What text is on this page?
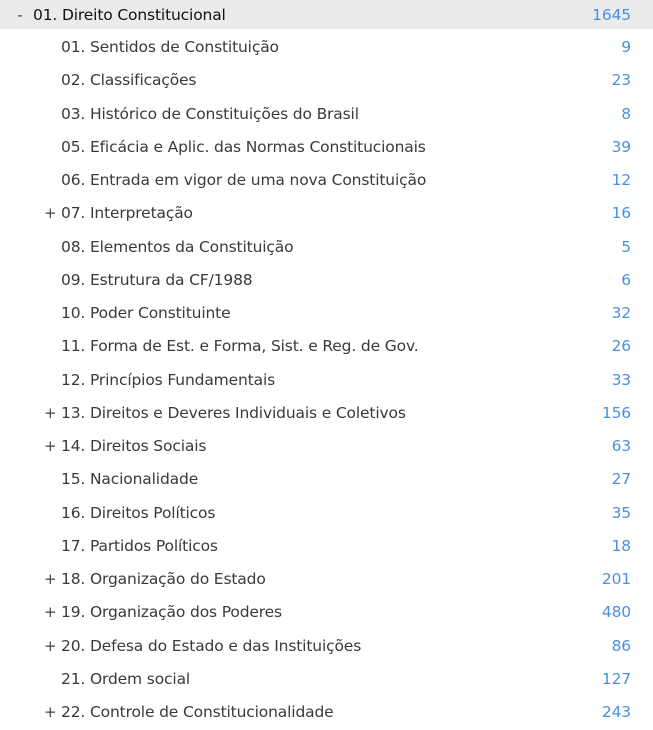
- 01. Direito Constitucional	1645
01. Sentidos de Constituição	9
02. Classificações	23
03. Histórico de Constituições do Brasil	8
05. Eficácia e Aplic. das Normas Constitucionais	39
06. Entrada em vigor de uma nova Constituição	12
+ 07. Interpretação	16
08. Elementos da Constituição	5
09. Estrutura da CF/1988	6
10. Poder Constituinte	32
11. Forma de Est. e Forma, Sist. e Reg. de Gov.	26
12. Princípios Fundamentais	33
+ 13. Direitos e Deveres Individuais e Coletivos	156
+ 14. Direitos Sociais	63
15. Nacionalidade	27
16. Direitos Políticos	35
17. Partidos Políticos	18
+ 18. Organização do Estado	201
+ 19. Organização dos Poderes	480
+ 20. Defesa do Estado e das Instituições	86
21. Ordem social	127
+ 22. Controle de Constitucionalidade	243
